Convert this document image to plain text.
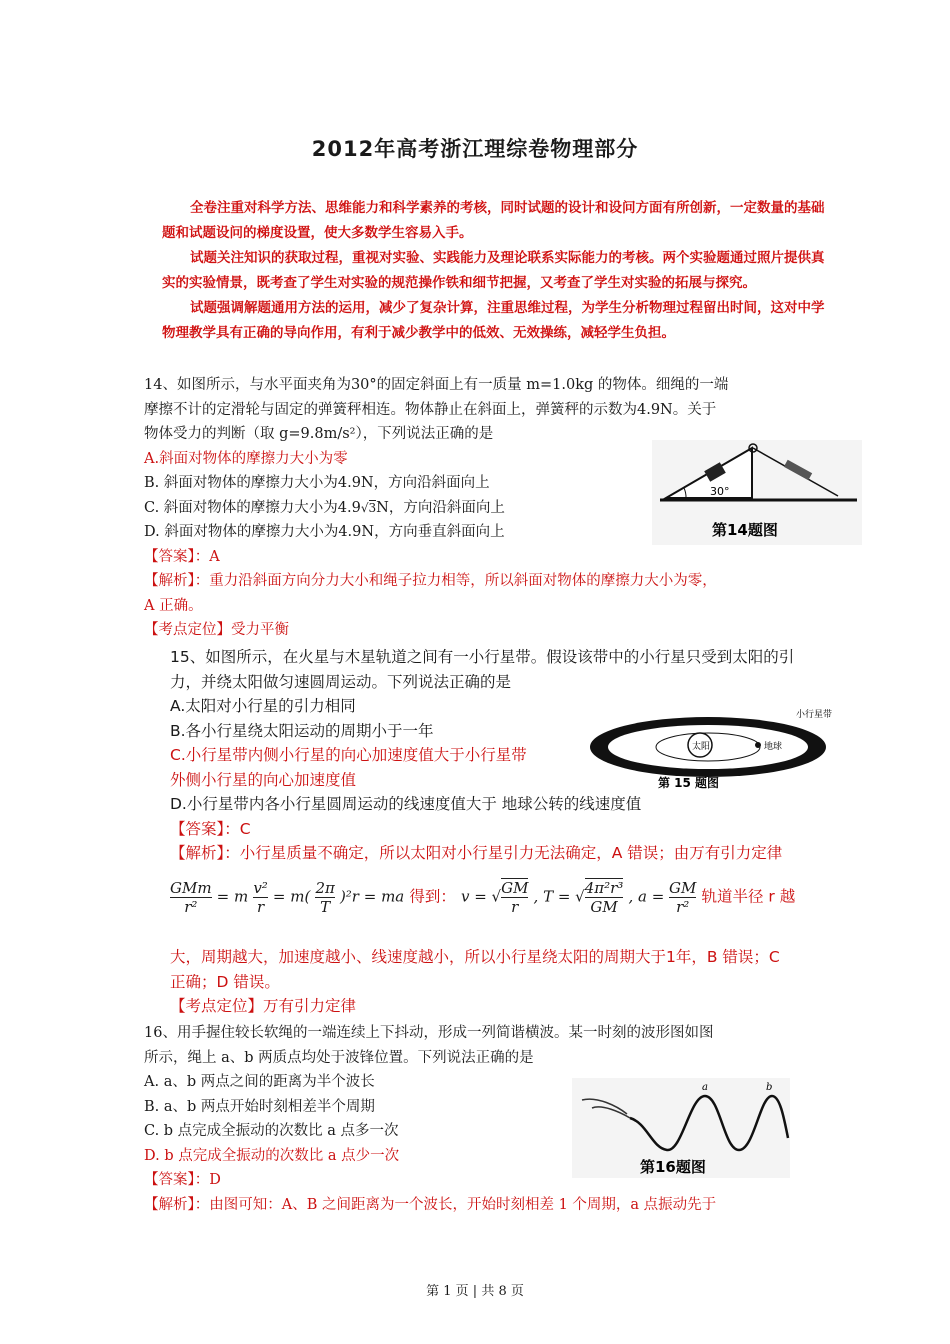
2012年高考浙江理综卷物理部分

全卷注重对科学方法、思维能力和科学素养的考核，同时试题的设计和设问方面有所创新，一定数量的基础题和试题设问的梯度设置，使大多数学生容易入手。

试题关注知识的获取过程，重视对实验、实践能力及理论联系实际能力的考核。两个实验题通过照片提供真实的实验情景，既考查了学生对实验的规范操作铁和细节把握，又考查了学生对实验的拓展与探究。

试题强调解题通用方法的运用，减少了复杂计算，注重思维过程，为学生分析物理过程留出时间，这对中学物理教学具有正确的导向作用，有利于减少教学中的低效、无效操练，减轻学生负担。

14、如图所示，与水平面夹角为30°的固定斜面上有一质量 m=1.0kg 的物体。细绳的一端
摩擦不计的定滑轮与固定的弹簧秤相连。物体静止在斜面上，弹簧秤的示数为4.9N。关于
物体受力的判断（取 g=9.8m/s²），下列说法正确的是
A.斜面对物体的摩擦力大小为零
B. 斜面对物体的摩擦力大小为4.9N，方向沿斜面向上
C. 斜面对物体的摩擦力大小为4.9√3N，方向沿斜面向上
D. 斜面对物体的摩擦力大小为4.9N，方向垂直斜面向上
【答案】：A
【解析】：重力沿斜面方向分力大小和绳子拉力相等，所以斜面对物体的摩擦力大小为零，
A 正确。
【考点定位】受力平衡
30°
第14题图
15、如图所示，在火星与木星轨道之间有一小行星带。假设该带中的小行星只受到太阳的引
力，并绕太阳做匀速圆周运动。下列说法正确的是
A.太阳对小行星的引力相同
B.各小行星绕太阳运动的周期小于一年
C.小行星带内侧小行星的向心加速度值大于小行星带
外侧小行星的向心加速度值
D.小行星带内各小行星圆周运动的线速度值大于 地球公转的线速度值
【答案】：C
【解析】：小行星质量不确定，所以太阳对小行星引力无法确定，A 错误；由万有引力定律
$\frac{\text{GMm}}{\text{r²}} = m \frac{\text{v²}}{r} = m( \frac{2\pi}{T} )^2r$ = ma 得到： v = √ $\frac{GM}{r}$ , T = √ $\frac{\text{4π²r³}}{GM}$ , $a = \frac{GM}{\text{r²}}$ 轨道半径 r 越
大，周期越大，加速度越小、线速度越小，所以小行星绕太阳的周期大于1年，B 错误；C
正确；D 错误。
【考点定位】万有引力定律
太阳	地球
小行星带
第 15 题图
16、用手握住较长软绳的一端连续上下抖动，形成一列简谐横波。某一时刻的波形图如图
所示，绳上 a、b 两质点均处于波锋位置。下列说法正确的是
A. a、b 两点之间的距离为半个波长
B. a、b 两点开始时刻相差半个周期
C. b 点完成全振动的次数比 a 点多一次
D. b 点完成全振动的次数比 a 点少一次
【答案】：D
【解析】：由图可知：A、B 之间距离为一个波长，开始时刻相差 1 个周期，a 点振动先于
a	b
第16题图
第 1 页 | 共 8 页
